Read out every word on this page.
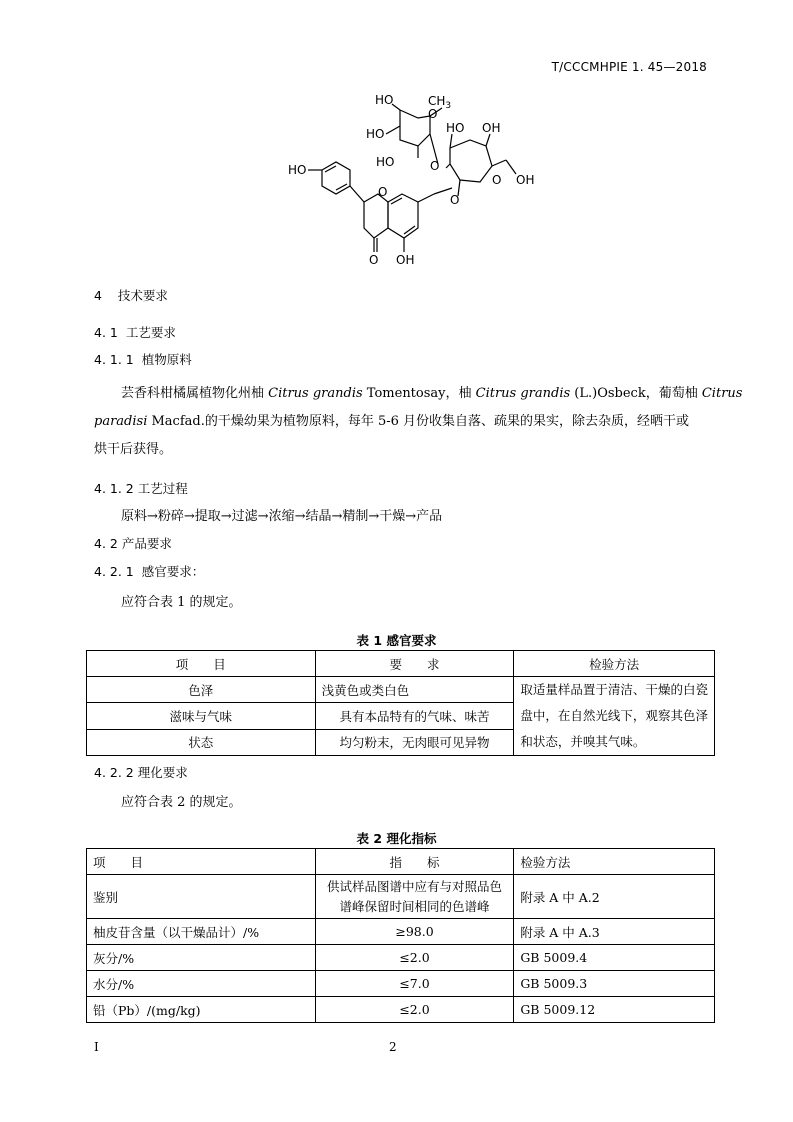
T/CCCMHPIE 1. 45—2018
HO	$CH_3$
HO
HO	O
HO OH
O
O OH
HO
O
O
O OH
4 技术要求
4. 1 工艺要求
4. 1. 1 植物原料
芸香科柑橘属植物化州柚 Citrus grandis Tomentosay，柚 Citrus grandis (L.)Osbeck，葡萄柚 Citrus
paradisi Macfad.的干燥幼果为植物原料，每年 5-6 月份收集自落、疏果的果实，除去杂质，经晒干或
烘干后获得。
4. 1. 2 工艺过程
原料→粉碎→提取→过滤→浓缩→结晶→精制→干燥→产品
4. 2 产品要求
4. 2. 1 感官要求：
应符合表 1 的规定。
表 1 感官要求
项　　目	要　　求	检验方法
色泽	浅黄色或类白色	取适量样品置于清洁、干燥的白瓷盘中，在自然光线下，观察其色泽和状态，并嗅其气味。
滋味与气味	具有本品特有的气味、味苦	
状态	均匀粉末，无肉眼可见异物	
4. 2. 2 理化要求
应符合表 2 的规定。
表 2 理化指标
项　　目	指　　标	检验方法
鉴别	供试样品图谱中应有与对照品色谱峰保留时间相同的色谱峰	附录 A 中 A.2
柚皮苷含量（以干燥品计）/%	≥98.0	附录 A 中 A.3
灰分/%	≤2.0	GB 5009.4
水分/%	≤7.0	GB 5009.3
铅（Pb）/(mg/kg)	≤2.0	GB 5009.12
I	2
